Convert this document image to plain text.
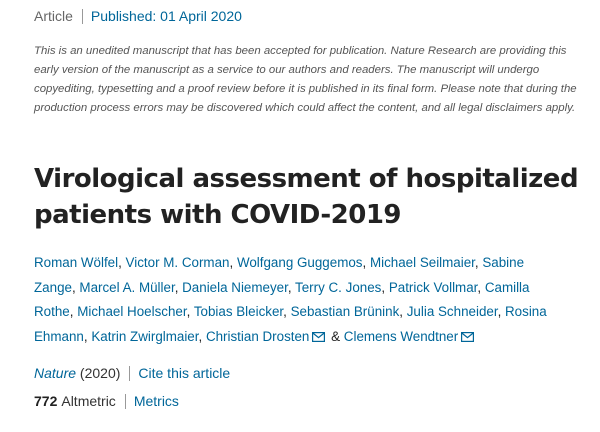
Article Published: 01 April 2020

This is an unedited manuscript that has been accepted for publication. Nature Research are providing this early version of the manuscript as a service to our authors and readers. The manuscript will undergo copyediting, typesetting and a proof review before it is published in its final form. Please note that during the production process errors may be discovered which could affect the content, and all legal disclaimers apply.

Virological assessment of hospitalized patients with COVID-2019

Roman Wölfel, Victor M. Corman, Wolfgang Guggemos, Michael Seilmaier, Sabine Zange, Marcel A. Müller, Daniela Niemeyer, Terry C. Jones, Patrick Vollmar, Camilla Rothe, Michael Hoelscher, Tobias Bleicker, Sebastian Brünink, Julia Schneider, Rosina Ehmann, Katrin Zwirglmaier, Christian Drosten & Clemens Wendtner

Nature (2020) Cite this article
772 Altmetric Metrics
